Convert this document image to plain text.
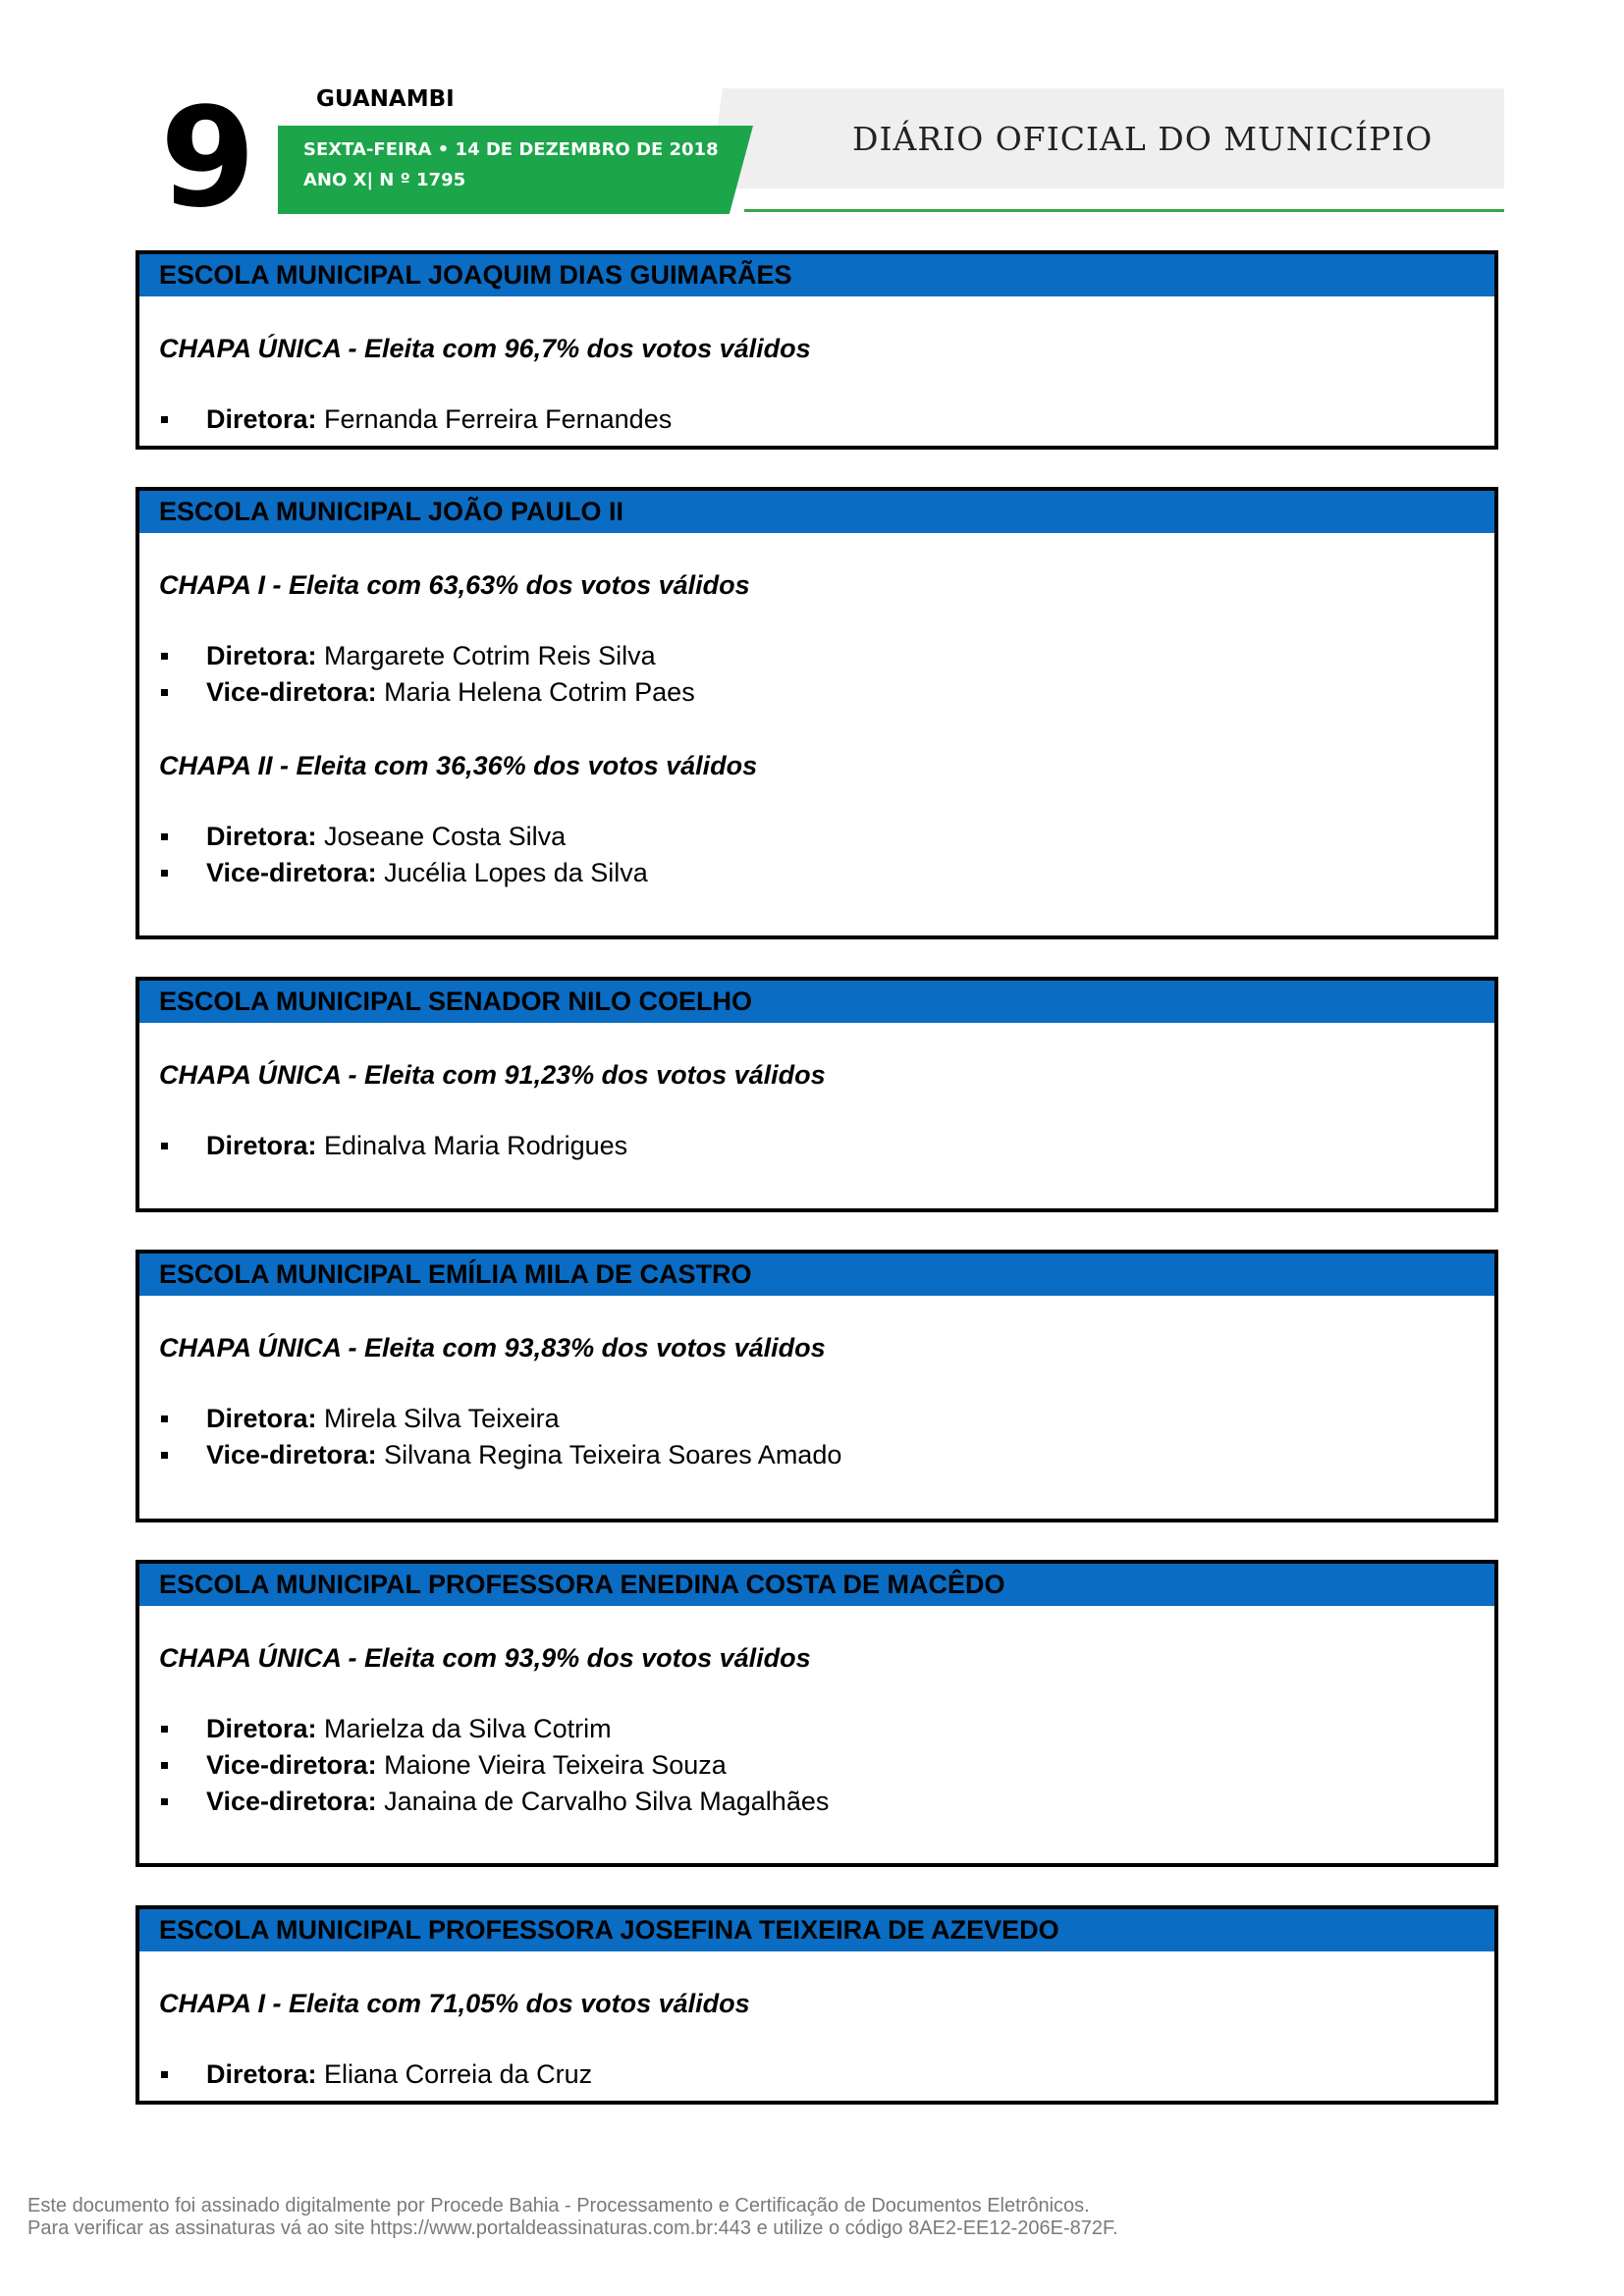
9	GUANAMBI
SEXTA-FEIRA • 14 DE DEZEMBRO DE 2018
ANO X| N º 1795
DIÁRIO OFICIAL DO MUNICÍPIO
ESCOLA MUNICIPAL JOAQUIM DIAS GUIMARÃES
CHAPA ÚNICA - Eleita com 96,7% dos votos válidos
Diretora: Fernanda Ferreira Fernandes
ESCOLA MUNICIPAL JOÃO PAULO II
CHAPA I - Eleita com 63,63% dos votos válidos
Diretora: Margarete Cotrim Reis Silva
Vice-diretora: Maria Helena Cotrim Paes
CHAPA II - Eleita com 36,36% dos votos válidos
Diretora: Joseane Costa Silva
Vice-diretora: Jucélia Lopes da Silva
ESCOLA MUNICIPAL SENADOR NILO COELHO
CHAPA ÚNICA - Eleita com 91,23% dos votos válidos
Diretora: Edinalva Maria Rodrigues
ESCOLA MUNICIPAL EMÍLIA MILA DE CASTRO
CHAPA ÚNICA - Eleita com 93,83% dos votos válidos
Diretora: Mirela Silva Teixeira
Vice-diretora: Silvana Regina Teixeira Soares Amado
ESCOLA MUNICIPAL PROFESSORA ENEDINA COSTA DE MACÊDO
CHAPA ÚNICA - Eleita com 93,9% dos votos válidos
Diretora: Marielza da Silva Cotrim
Vice-diretora: Maione Vieira Teixeira Souza
Vice-diretora: Janaina de Carvalho Silva Magalhães
ESCOLA MUNICIPAL PROFESSORA JOSEFINA TEIXEIRA DE AZEVEDO
CHAPA I - Eleita com 71,05% dos votos válidos
Diretora: Eliana Correia da Cruz
Este documento foi assinado digitalmente por Procede Bahia - Processamento e Certificação de Documentos Eletrônicos.
Para verificar as assinaturas vá ao site https://www.portaldeassinaturas.com.br:443 e utilize o código 8AE2-EE12-206E-872F.
